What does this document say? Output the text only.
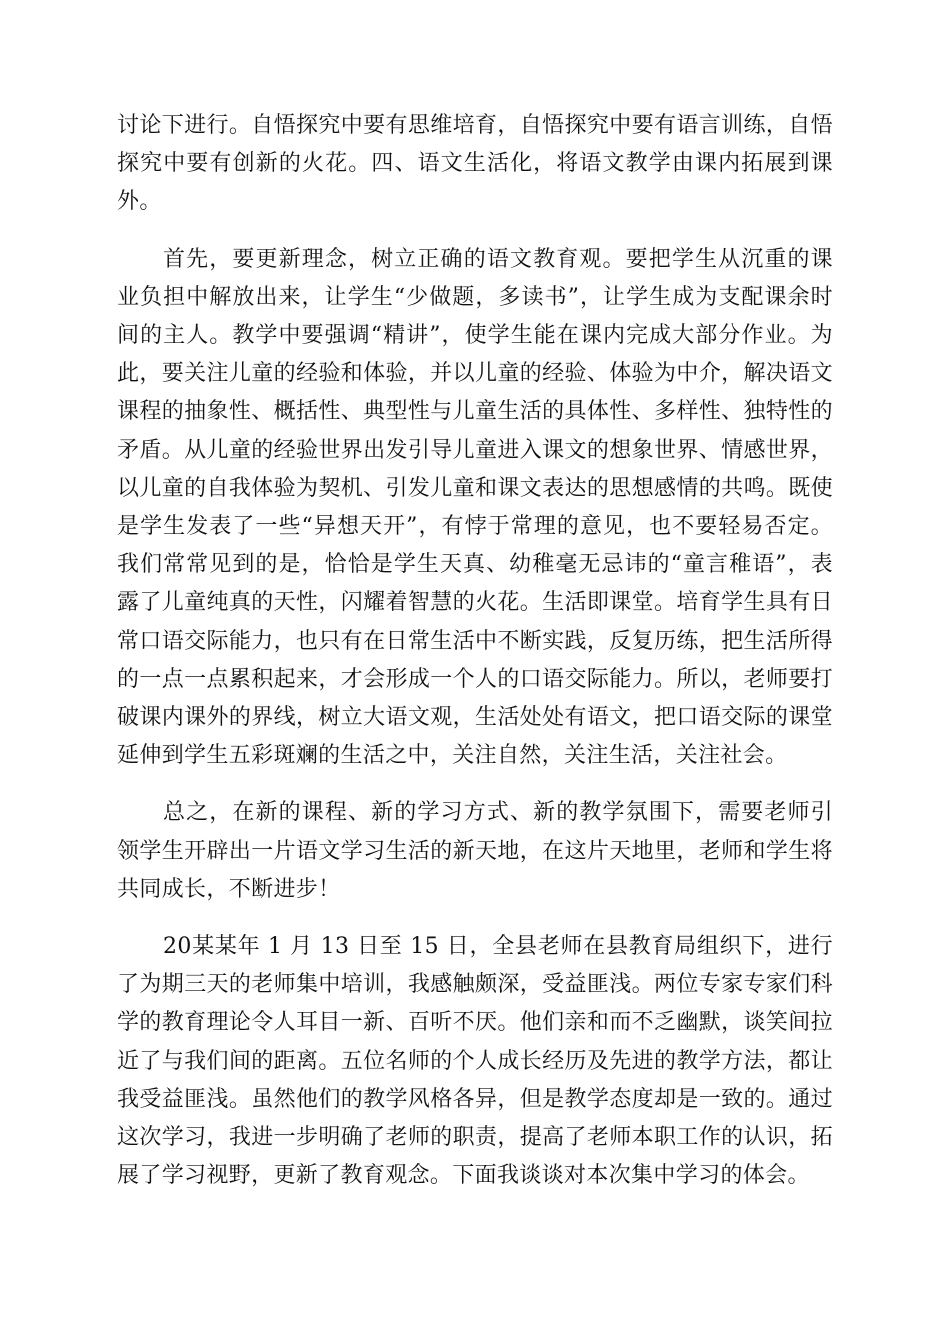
讨论下进行。自悟探究中要有思维培育，自悟探究中要有语言训练，自悟探究中要有创新的火花。四、语文生活化，将语文教学由课内拓展到课外。

首先，要更新理念，树立正确的语文教育观。要把学生从沉重的课业负担中解放出来，让学生“少做题，多读书”，让学生成为支配课余时间的主人。教学中要强调“精讲”，使学生能在课内完成大部分作业。为此，要关注儿童的经验和体验，并以儿童的经验、体验为中介，解决语文课程的抽象性、概括性、典型性与儿童生活的具体性、多样性、独特性的矛盾。从儿童的经验世界出发引导儿童进入课文的想象世界、情感世界，以儿童的自我体验为契机、引发儿童和课文表达的思想感情的共鸣。既使是学生发表了一些“异想天开”，有悖于常理的意见，也不要轻易否定。我们常常见到的是，恰恰是学生天真、幼稚毫无忌讳的“童言稚语”，表露了儿童纯真的天性，闪耀着智慧的火花。生活即课堂。培育学生具有日常口语交际能力，也只有在日常生活中不断实践，反复历练，把生活所得的一点一点累积起来，才会形成一个人的口语交际能力。所以，老师要打破课内课外的界线，树立大语文观，生活处处有语文，把口语交际的课堂延伸到学生五彩斑斓的生活之中，关注自然，关注生活，关注社会。

总之，在新的课程、新的学习方式、新的教学氛围下，需要老师引领学生开辟出一片语文学习生活的新天地，在这片天地里，老师和学生将共同成长，不断进步！

20某某年 1 月 13 日至 15 日，全县老师在县教育局组织下，进行了为期三天的老师集中培训，我感触颇深，受益匪浅。两位专家专家们科学的教育理论令人耳目一新、百听不厌。他们亲和而不乏幽默，谈笑间拉近了与我们间的距离。五位名师的个人成长经历及先进的教学方法，都让我受益匪浅。虽然他们的教学风格各异，但是教学态度却是一致的。通过这次学习，我进一步明确了老师的职责，提高了老师本职工作的认识，拓展了学习视野，更新了教育观念。下面我谈谈对本次集中学习的体会。
